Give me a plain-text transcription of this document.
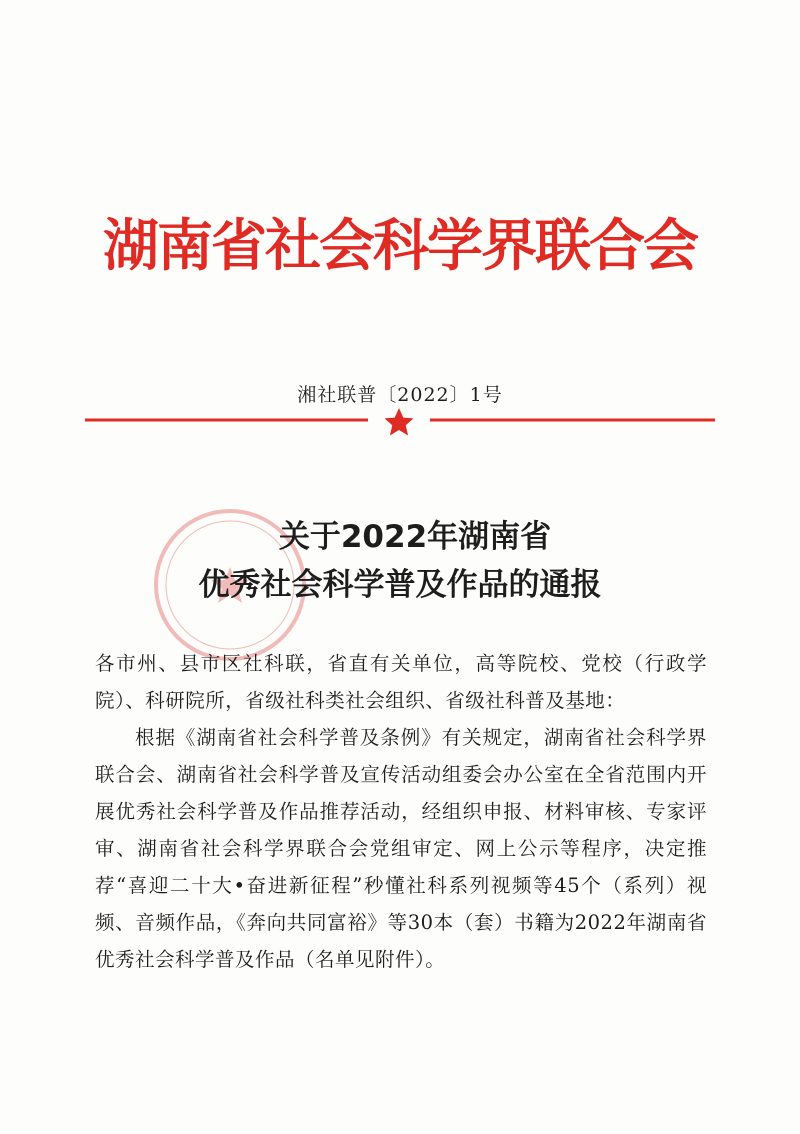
湖南省社会科学界联合会
湘社联普〔2022〕1号
关于2022年湖南省
优秀社会科学普及作品的通报

各市州、县市区社科联，省直有关单位，高等院校、党校（行政学院）、科研院所，省级社科类社会组织、省级社科普及基地：

根据《湖南省社会科学普及条例》有关规定，湖南省社会科学界联合会、湖南省社会科学普及宣传活动组委会办公室在全省范围内开展优秀社会科学普及作品推荐活动，经组织申报、材料审核、专家评审、湖南省社会科学界联合会党组审定、网上公示等程序，决定推荐“喜迎二十大•奋进新征程”秒懂社科系列视频等45个（系列）视频、音频作品，《奔向共同富裕》等30本（套）书籍为2022年湖南省优秀社会科学普及作品（名单见附件）。
